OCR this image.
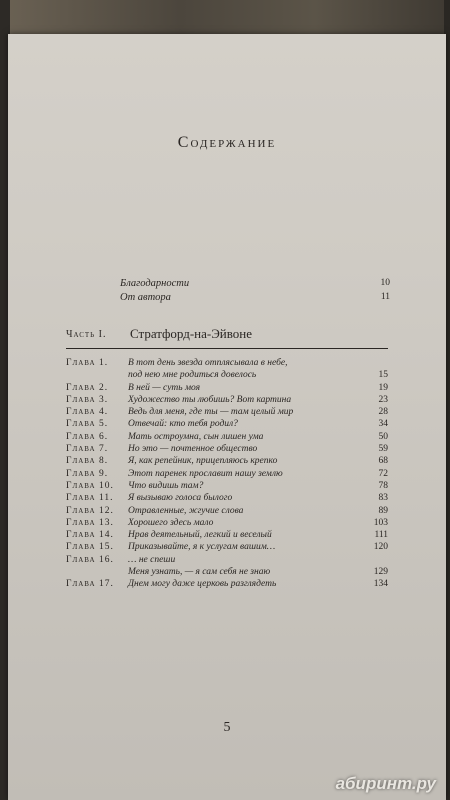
Содержание
Благодарности	10
От автора	11
Часть I. Стратфорд-на-Эйвоне
Глава 1. В тот день звезда отплясывала в небе,
под нею мне родиться довелось	15
Глава 2. В ней — суть моя	19
Глава 3. Художество ты любишь? Вот картина	23
Глава 4. Ведь для меня, где ты — там целый мир	28
Глава 5. Отвечай: кто тебя родил?	34
Глава 6. Мать остроумна, сын лишен ума	50
Глава 7. Но это — почтенное общество	59
Глава 8. Я, как репейник, прицепляюсь крепко	68
Глава 9. Этот паренек прославит нашу землю	72
Глава 10. Что видишь там?	78
Глава 11. Я вызываю голоса былого	83
Глава 12. Отравленные, жгучие слова	89
Глава 13. Хорошего здесь мало	103
Глава 14. Нрав деятельный, легкий и веселый	111
Глава 15. Приказывайте, я к услугам вашим…	120
Глава 16. … не спеши
Меня узнать, — я сам себя не знаю	129
Глава 17. Днем могу даже церковь разглядеть	134
5
абиринт.ру
